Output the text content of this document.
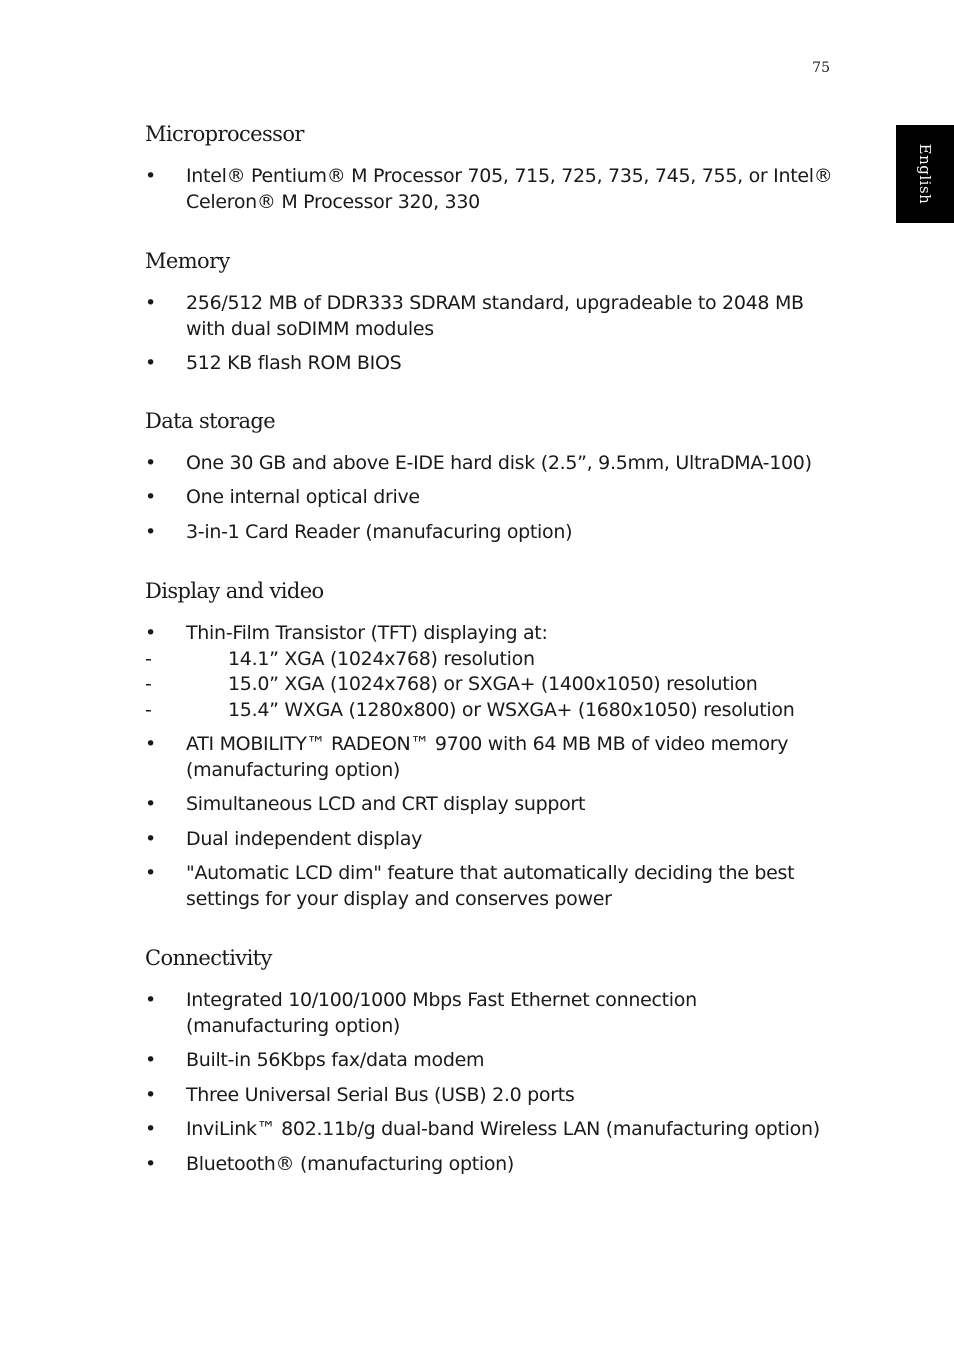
75
English
Microprocessor
• Intel® Pentium® M Processor 705, 715, 725, 735, 745, 755, or Intel® Celeron® M Processor 320, 330
Memory
• 256/512 MB of DDR333 SDRAM standard, upgradeable to 2048 MB with dual soDIMM modules
• 512 KB flash ROM BIOS
Data storage
• One 30 GB and above E-IDE hard disk (2.5”, 9.5mm, UltraDMA-100)
• One internal optical drive
• 3-in-1 Card Reader (manufacuring option)
Display and video
• Thin-Film Transistor (TFT) displaying at:
-	14.1” XGA (1024x768) resolution
-	15.0” XGA (1024x768) or SXGA+ (1400x1050) resolution
-	15.4” WXGA (1280x800) or WSXGA+ (1680x1050) resolution
• ATI MOBILITY™ RADEON™ 9700 with 64 MB MB of video memory (manufacturing option)
• Simultaneous LCD and CRT display support
• Dual independent display
• "Automatic LCD dim" feature that automatically deciding the best settings for your display and conserves power
Connectivity
• Integrated 10/100/1000 Mbps Fast Ethernet connection (manufacturing option)
• Built-in 56Kbps fax/data modem
• Three Universal Serial Bus (USB) 2.0 ports
• InviLink™ 802.11b/g dual-band Wireless LAN (manufacturing option)
• Bluetooth® (manufacturing option)
